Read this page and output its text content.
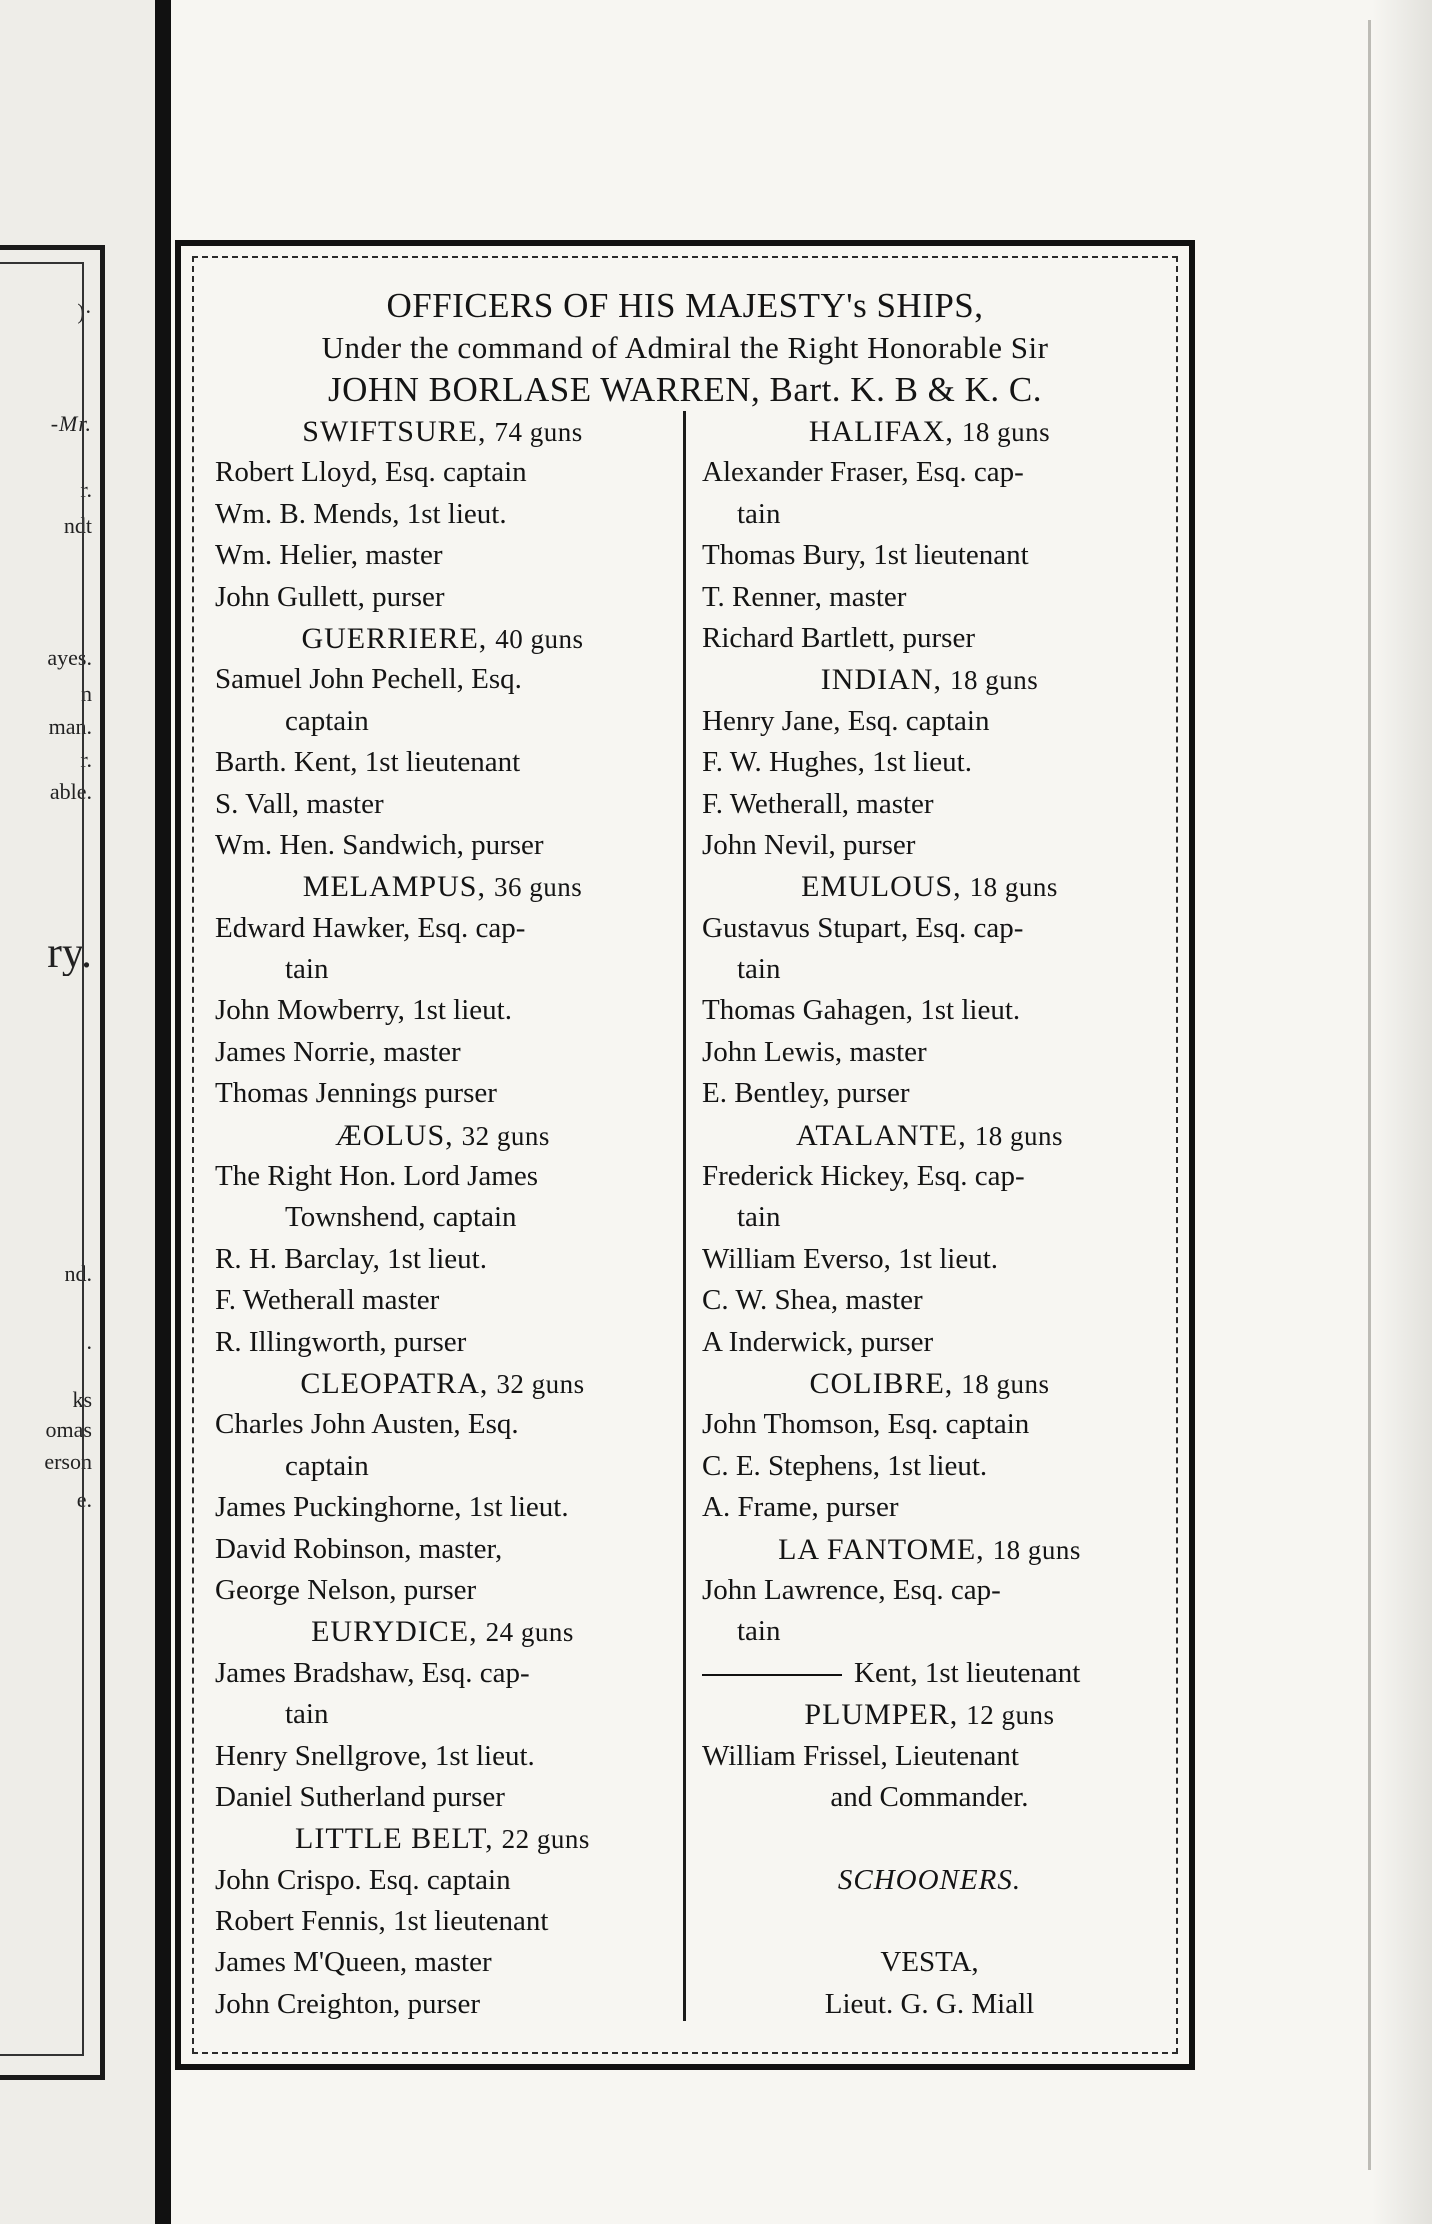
)·
-Mr.
r.
ndt
ayes.
n
man.
r.
able.
ry.
nd.
.
ks
omas
erson
e.
OFFICERS OF HIS MAJESTY's SHIPS,
Under the command of Admiral the Right Honorable Sir
JOHN BORLASE WARREN, Bart. K. B & K. C.
SWIFTSURE, 74 guns
Robert Lloyd, Esq. captain
Wm. B. Mends, 1st lieut.
Wm. Helier, master
John Gullett, purser
GUERRIERE, 40 guns
Samuel John Pechell, Esq.
captain
Barth. Kent, 1st lieutenant
S. Vall, master
Wm. Hen. Sandwich, purser
MELAMPUS, 36 guns
Edward Hawker, Esq. cap-
tain
John Mowberry, 1st lieut.
James Norrie, master
Thomas Jennings purser
ÆOLUS, 32 guns
The Right Hon. Lord James
Townshend, captain
R. H. Barclay, 1st lieut.
F. Wetherall master
R. Illingworth, purser
CLEOPATRA, 32 guns
Charles John Austen, Esq.
captain
James Puckinghorne, 1st lieut.
David Robinson, master,
George Nelson, purser
EURYDICE, 24 guns
James Bradshaw, Esq. cap-
tain
Henry Snellgrove, 1st lieut.
Daniel Sutherland purser
LITTLE BELT, 22 guns
John Crispo. Esq. captain
Robert Fennis, 1st lieutenant
James M'Queen, master
John Creighton, purser
HALIFAX, 18 guns
Alexander Fraser, Esq. cap-
tain
Thomas Bury, 1st lieutenant
T. Renner, master
Richard Bartlett, purser
INDIAN, 18 guns
Henry Jane, Esq. captain
F. W. Hughes, 1st lieut.
F. Wetherall, master
John Nevil, purser
EMULOUS, 18 guns
Gustavus Stupart, Esq. cap-
tain
Thomas Gahagen, 1st lieut.
John Lewis, master
E. Bentley, purser
ATALANTE, 18 guns
Frederick Hickey, Esq. cap-
tain
William Everso, 1st lieut.
C. W. Shea, master
A Inderwick, purser
COLIBRE, 18 guns
John Thomson, Esq. captain
C. E. Stephens, 1st lieut.
A. Frame, purser
LA FANTOME, 18 guns
John Lawrence, Esq. cap-
tain
Kent, 1st lieutenant
PLUMPER, 12 guns
William Frissel, Lieutenant
and Commander.
SCHOONERS.
VESTA,
Lieut. G. G. Miall
